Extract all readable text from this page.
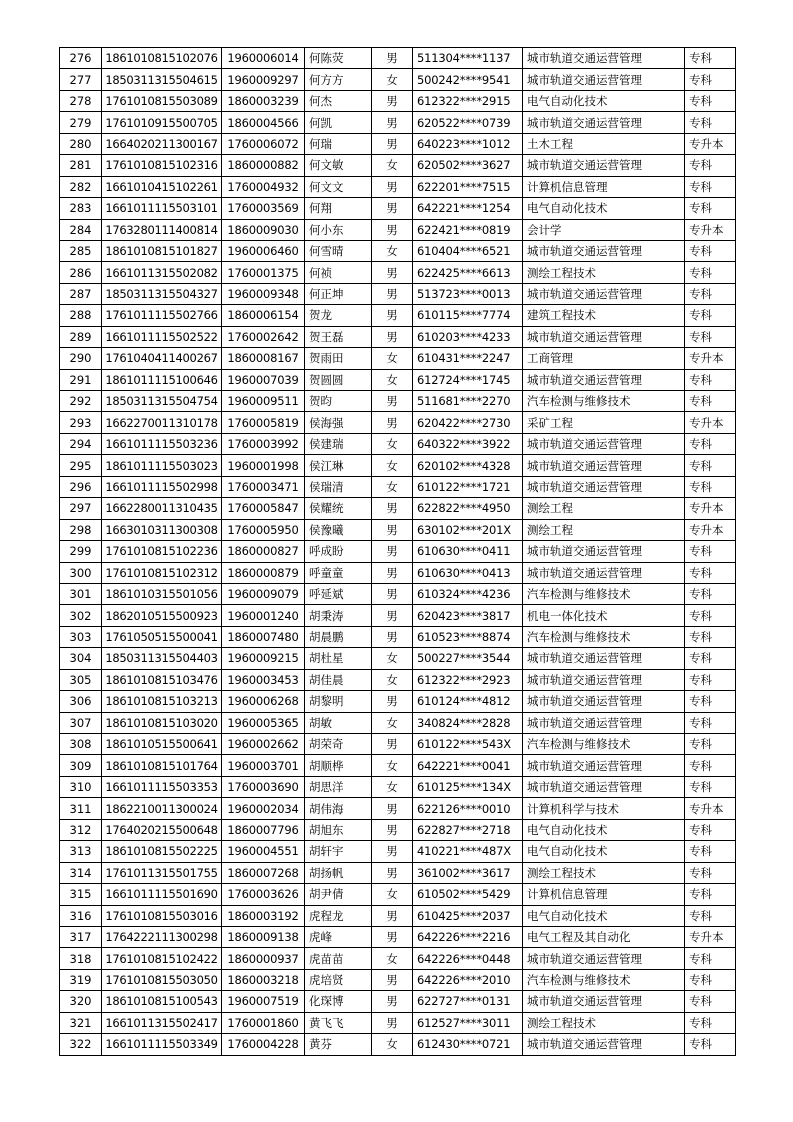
276	1861010815102076	1960006014	何陈荧	男	511304****1137	城市轨道交通运营管理	专科
277	1850311315504615	1960009297	何方方	女	500242****9541	城市轨道交通运营管理	专科
278	1761010815503089	1860003239	何杰	男	612322****2915	电气自动化技术	专科
279	1761010915500705	1860004566	何凯	男	620522****0739	城市轨道交通运营管理	专科
280	1664020211300167	1760006072	何瑞	男	640223****1012	土木工程	专升本
281	1761010815102316	1860000882	何文敏	女	620502****3627	城市轨道交通运营管理	专科
282	1661010415102261	1760004932	何文文	男	622201****7515	计算机信息管理	专科
283	1661011115503101	1760003569	何翔	男	642221****1254	电气自动化技术	专科
284	1763280111400814	1860009030	何小东	男	622421****0819	会计学	专升本
285	1861010815101827	1960006460	何雪晴	女	610404****6521	城市轨道交通运营管理	专科
286	1661011315502082	1760001375	何祯	男	622425****6613	测绘工程技术	专科
287	1850311315504327	1960009348	何正坤	男	513723****0013	城市轨道交通运营管理	专科
288	1761011115502766	1860006154	贺龙	男	610115****7774	建筑工程技术	专科
289	1661011115502522	1760002642	贺王磊	男	610203****4233	城市轨道交通运营管理	专科
290	1761040411400267	1860008167	贺雨田	女	610431****2247	工商管理	专升本
291	1861011115100646	1960007039	贺圆圆	女	612724****1745	城市轨道交通运营管理	专科
292	1850311315504754	1960009511	贺昀	男	511681****2270	汽车检测与维修技术	专科
293	1662270011310178	1760005819	侯海强	男	620422****2730	采矿工程	专升本
294	1661011115503236	1760003992	侯建瑞	女	640322****3922	城市轨道交通运营管理	专科
295	1861011115503023	1960001998	侯江琳	女	620102****4328	城市轨道交通运营管理	专科
296	1661011115502998	1760003471	侯瑞清	女	610122****1721	城市轨道交通运营管理	专科
297	1662280011310435	1760005847	侯耀统	男	622822****4950	测绘工程	专升本
298	1663010311300308	1760005950	侯豫曦	男	630102****201X	测绘工程	专升本
299	1761010815102236	1860000827	呼成盼	男	610630****0411	城市轨道交通运营管理	专科
300	1761010815102312	1860000879	呼童童	男	610630****0413	城市轨道交通运营管理	专科
301	1861010315501056	1960009079	呼延斌	男	610324****4236	汽车检测与维修技术	专科
302	1862010515500923	1960001240	胡秉涛	男	620423****3817	机电一体化技术	专科
303	1761050515500041	1860007480	胡晨鹏	男	610523****8874	汽车检测与维修技术	专科
304	1850311315504403	1960009215	胡杜星	女	500227****3544	城市轨道交通运营管理	专科
305	1861010815103476	1960003453	胡佳晨	女	612322****2923	城市轨道交通运营管理	专科
306	1861010815103213	1960006268	胡黎明	男	610124****4812	城市轨道交通运营管理	专科
307	1861010815103020	1960005365	胡敏	女	340824****2828	城市轨道交通运营管理	专科
308	1861010515500641	1960002662	胡荣奇	男	610122****543X	汽车检测与维修技术	专科
309	1861010815101764	1960003701	胡顺桦	女	642221****0041	城市轨道交通运营管理	专科
310	1661011115503353	1760003690	胡思洋	女	610125****134X	城市轨道交通运营管理	专科
311	1862210011300024	1960002034	胡伟海	男	622126****0010	计算机科学与技术	专升本
312	1764020215500648	1860007796	胡旭东	男	622827****2718	电气自动化技术	专科
313	1861010815502225	1960004551	胡轩宇	男	410221****487X	电气自动化技术	专科
314	1761011315501755	1860007268	胡扬帆	男	361002****3617	测绘工程技术	专科
315	1661011115501690	1760003626	胡尹倩	女	610502****5429	计算机信息管理	专科
316	1761010815503016	1860003192	虎程龙	男	610425****2037	电气自动化技术	专科
317	1764222111300298	1860009138	虎峰	男	642226****2216	电气工程及其自动化	专升本
318	1761010815102422	1860000937	虎苗苗	女	642226****0448	城市轨道交通运营管理	专科
319	1761010815503050	1860003218	虎培贤	男	642226****2010	汽车检测与维修技术	专科
320	1861010815100543	1960007519	化琛博	男	622727****0131	城市轨道交通运营管理	专科
321	1661011315502417	1760001860	黄飞飞	男	612527****3011	测绘工程技术	专科
322	1661011115503349	1760004228	黄芬	女	612430****0721	城市轨道交通运营管理	专科
